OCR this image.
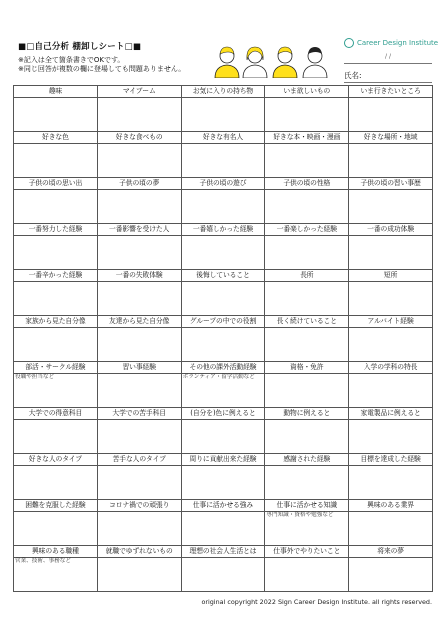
■□自己分析 棚卸しシート□■
※記入は全て箇条書きでOKです。
※同じ回答が複数の欄に登場しても問題ありません。
Career Design Institute
/ /
氏名:
趣味	マイブーム	お気に入りの持ち物	いま欲しいもの	いま行きたいところ

好きな色	好きな食べもの	好きな有名人	好きな本・映画・漫画	好きな場所・地域

子供の頃の思い出	子供の頃の夢	子供の頃の遊び	子供の頃の性格	子供の頃の習い事歴

一番努力した経験	一番影響を受けた人	一番嬉しかった経験	一番楽しかった経験	一番の成功体験

一番辛かった経験	一番の失敗体験	後悔していること	長所	短所

家族から見た自分像	友達から見た自分像	グループの中での役割	長く続けていること	アルバイト経験

部活・サークル経験	習い事経験	その他の課外活動経験	資格・免許	入学の学科の特長

役職や担当など		ボランティア・留学活動など		

大学での得意科目	大学での苦手科目	(自分を)色に例えると	動物に例えると	家電製品に例えると

好きな人のタイプ	苦手な人のタイプ	周りに貢献出来た経験	感謝された経験	目標を達成した経験

困難を克服した経験	コロナ禍での頑張り	仕事に活かせる強み	仕事に活かせる知識	興味のある業界

			専門知識・資格や勉強など	

興味のある職種	就職でゆずれないもの	理想の社会人生活とは	仕事外でやりたいこと	将来の夢

営業、技術、事務など				

original copyright 2022 Sign Career Design Institute. all rights reserved.
